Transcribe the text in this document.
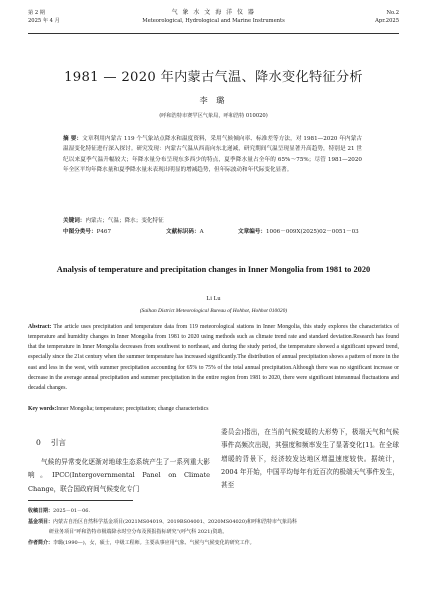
第 2 期
2025 年 4 月
气 象 水 文 海 洋 仪 器
Meteorological, Hydrological and Marine Instruments
No.2
Apr.2025
1981 — 2020 年内蒙古气温、降水变化特征分析
李 璐
(呼和浩特市赛罕区气象局，呼和浩特 010020)
摘 要：文章利用内蒙古 119 个气象站点降水和温度资料，采用气候倾向率、标准差等方法，对 1981—2020 年内蒙古温湿变化特征进行深入探讨。研究发现：内蒙古气温从西南向东北递减，研究期间气温呈现显著升高趋势，特别是 21 世纪以来夏季气温升幅较大；年降水量分布呈现东多西少的特点，夏季降水量占全年的 65%～75%；尽管 1981—2020 年全区平均年降水量和夏季降水量未表现出明显的增减趋势，但年际波动和年代际变化显著。
关键词：内蒙古；气温；降水；变化特征
中图分类号：P467	文献标识码：A	文章编号：1006－009X(2025)02－0051－03
Analysis of temperature and precipitation changes in Inner Mongolia from 1981 to 2020
Li Lu
(Saihan District Meteorological Bureau of Hohhot, Hohhot 010020)
Abstract: The article uses precipitation and temperature data from 119 meteorological stations in Inner Mongolia, this study explores the characteristics of temperature and humidity changes in Inner Mongolia from 1981 to 2020 using methods such as climate trend rate and standard deviation.Research has found that the temperature in Inner Mongolia decreases from southwest to northeast, and during the study period, the temperature showed a significant upward trend, especially since the 21st century when the summer temperature has increased significantly.The distribution of annual precipitation shows a pattern of more in the east and less in the west, with summer precipitation accounting for 65% to 75% of the total annual precipitation.Although there was no significant increase or decrease in the average annual precipitation and summer precipitation in the entire region from 1981 to 2020, there were significant interannual fluctuations and decadal changes.
Key words:Inner Mongolia; temperature; precipitation; change characteristics
0 引言
气候的异常变化逐渐对地球生态系统产生了一系列重大影响。IPCC(Intergovernmental Panel on Climate Change，联合国政府间气候变化专门
委员会)指出，在当前气候变暖的大形势下，极端天气和气候事件高频次出现，其强度和频率发生了显著变化[1]。在全球增暖的背景下，经济较发达地区增温速度较快。据统计，2004 年开始，中国平均每年有近百次的极端天气事件发生，甚至
收稿日期：2025－01－06.
基金项目：内蒙古自治区自然科学基金项目(2021MS04019、2019BS04001、2020MS04020)和呼和浩特市气象局科
研业务项目“呼和浩特市极端降水时空分布及预报指标研究”(呼气科 2021)资助。
作者简介：李璐(1990—)，女，硕士，中级工程师。主要从事应用气象、气候与气候变化的研究工作。
